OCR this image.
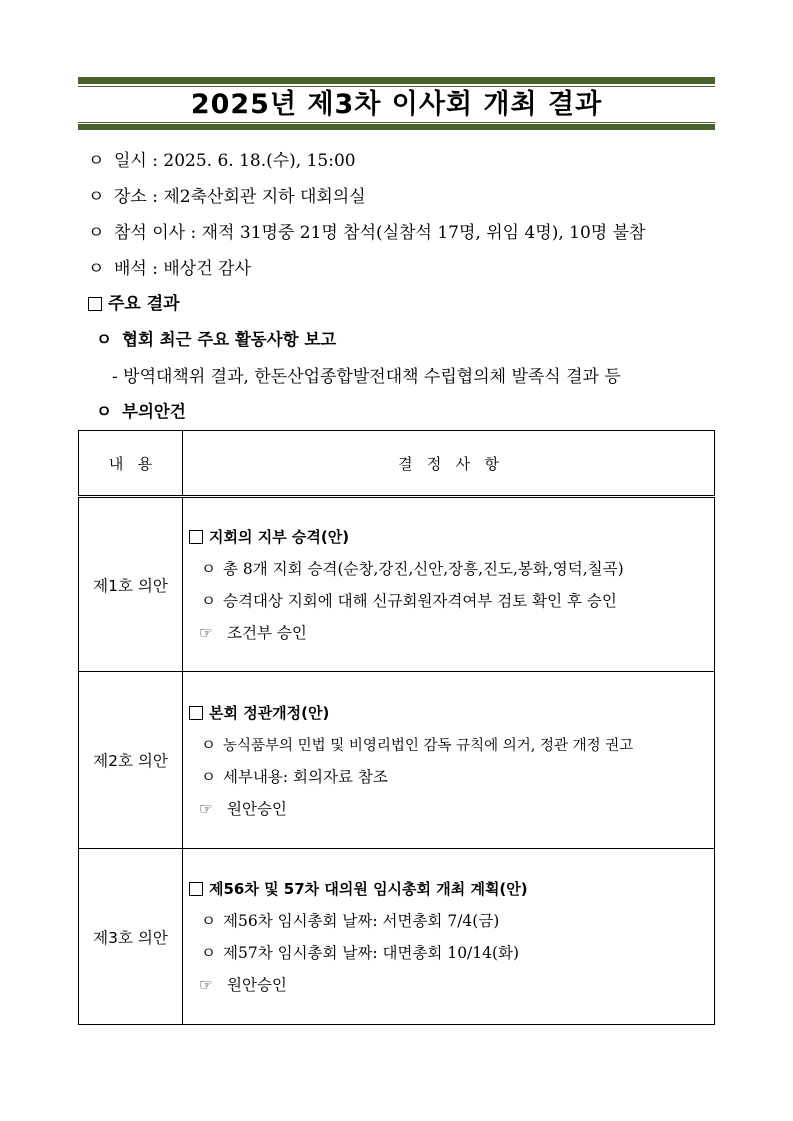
2025년 제3차 이사회 개최 결과
ㅇ 일시 : 2025. 6. 18.(수), 15:00
ㅇ 장소 : 제2축산회관 지하 대회의실
ㅇ 참석 이사 : 재적 31명중 21명 참석(실참석 17명, 위임 4명), 10명 불참
ㅇ 배석 : 배상건 감사
주요 결과
ㅇ 협회 최근 주요 활동사항 보고
- 방역대책위 결과, 한돈산업종합발전대책 수립협의체 발족식 결과 등
ㅇ 부의안건
내   용	결   정   사   항
제1호 의안	지회의 지부 승격(안)
ㅇ 총 8개 지회 승격(순창,강진,신안,장흥,진도,봉화,영덕,칠곡)
ㅇ 승격대상 지회에 대해 신규회원자격여부 검토 확인 후 승인
☞ 조건부 승인

제2호 의안	본회 정관개정(안)
ㅇ 농식품부의 민법 및 비영리법인 감독 규칙에 의거, 정관 개정 권고
ㅇ 세부내용: 회의자료 참조
☞ 원안승인

제3호 의안	제56차 및 57차 대의원 임시총회 개최 계획(안)
ㅇ 제56차 임시총회 날짜: 서면총회 7/4(금)
ㅇ 제57차 임시총회 날짜: 대면총회 10/14(화)
☞ 원안승인
